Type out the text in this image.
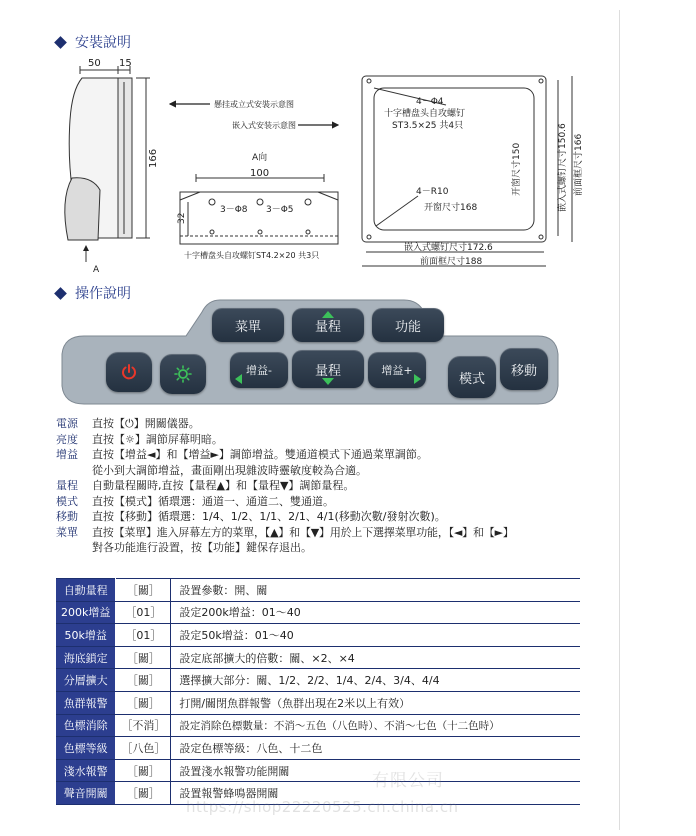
安裝說明
50 15
166
A
懸挂或立式安裝示意图
嵌入式安装示意图
A向
100
32
3－Φ8 3－Φ5
十字槽盘头自攻螺钉ST4.2×20 共3只
4－Φ4
十字槽盘头自攻螺钉
ST3.5×25 共4只
4－R10
开窗尺寸168
开窗尺寸150	嵌入式螺钉尺寸150.6 前面框尺寸166
嵌入式螺钉尺寸172.6
前面框尺寸188
操作說明
菜單	量程	功能
增益-	量程	增益+
模式
移動
電源	直按【⏻】開關儀器。
亮度	直按【☼】調節屏幕明暗。
增益	直按【增益◄】和【增益►】調節增益。雙通道模式下通過菜單調節。
從小到大調節增益，畫面剛出現雜波時靈敏度較為合適。
量程	自動量程關時,直按【量程▲】和【量程▼】調節量程。
模式	直按【模式】循環選：通道一、通道二、雙通道。
移動	直按【移動】循環選：1/4、1/2、1/1、2/1、4/1(移動次數/發射次數)。
菜單	直按【菜單】進入屏幕左方的菜單，【▲】和【▼】用於上下選擇菜單功能，【◄】和【►】
對各功能進行設置，按【功能】鍵保存退出。
自動量程	［關］	設置參數：開、關
200k增益	［01］	設定200k增益：01～40
50k增益	［01］	設定50k增益：01～40
海底鎖定	［關］	設定底部擴大的倍數：關、×2、×4
分層擴大	［關］	選擇擴大部分：關、1/2、2/2、1/4、2/4、3/4、4/4
魚群報警	［關］	打開/關閉魚群報警（魚群出現在2米以上有效）
色標消除	［不消］	設定消除色標數量：不消～五色（八色時）、不消～七色（十二色時）
色標等級	［八色］	設定色標等級：八色、十二色
淺水報警	［關］	設置淺水報警功能開關
聲音開關	［關］	設置報警蜂鳴器開關
有限公司
https://shop22220525.cn.china.cn
